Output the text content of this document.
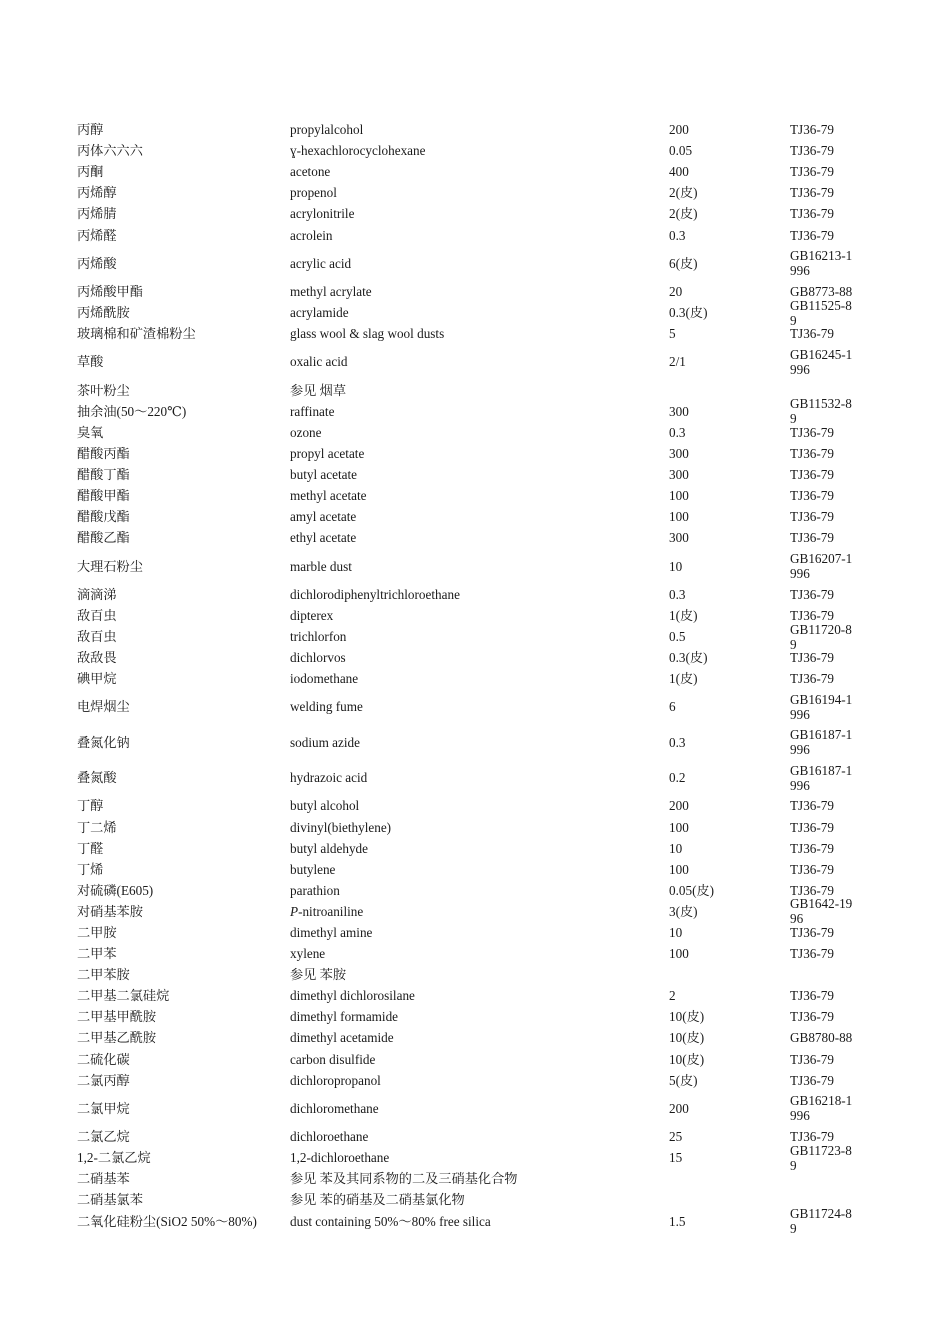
丙醇	propylalcohol	200	TJ36-79
丙体六六六	ɣ-hexachlorocyclohexane	0.05	TJ36-79
丙酮	acetone	400	TJ36-79
丙烯醇	propenol	2(皮)	TJ36-79
丙烯腈	acrylonitrile	2(皮)	TJ36-79
丙烯醛	acrolein	0.3	TJ36-79
丙烯酸	acrylic acid	6(皮)	GB16213-1996
丙烯酸甲酯	methyl acrylate	20	GB8773-88
丙烯酰胺	acrylamide	0.3(皮)	GB11525-89
玻璃棉和矿渣棉粉尘	glass wool & slag wool dusts	5	TJ36-79
草酸	oxalic acid	2/1	GB16245-1996
茶叶粉尘	参见 烟草
抽余油(50～220℃)	raffinate	300	GB11532-89
臭氧	ozone	0.3	TJ36-79
醋酸丙酯	propyl acetate	300	TJ36-79
醋酸丁酯	butyl acetate	300	TJ36-79
醋酸甲酯	methyl acetate	100	TJ36-79
醋酸戊酯	amyl acetate	100	TJ36-79
醋酸乙酯	ethyl acetate	300	TJ36-79
大理石粉尘	marble dust	10	GB16207-1996
滴滴涕	dichlorodiphenyltrichloroethane	0.3	TJ36-79
敌百虫	dipterex	1(皮)	TJ36-79
敌百虫	trichlorfon	0.5	GB11720-89
敌敌畏	dichlorvos	0.3(皮)	TJ36-79
碘甲烷	iodomethane	1(皮)	TJ36-79
电焊烟尘	welding fume	6	GB16194-1996
叠氮化钠	sodium azide	0.3	GB16187-1996
叠氮酸	hydrazoic acid	0.2	GB16187-1996
丁醇	butyl alcohol	200	TJ36-79
丁二烯	divinyl(biethylene)	100	TJ36-79
丁醛	butyl aldehyde	10	TJ36-79
丁烯	butylene	100	TJ36-79
对硫磷(E605)	parathion	0.05(皮)	TJ36-79
对硝基苯胺	P-nitroaniline	3(皮)	GB1642-1996
二甲胺	dimethyl amine	10	TJ36-79
二甲苯	xylene	100	TJ36-79
二甲苯胺	参见 苯胺
二甲基二氯硅烷	dimethyl dichlorosilane	2	TJ36-79
二甲基甲酰胺	dimethyl formamide	10(皮)	TJ36-79
二甲基乙酰胺	dimethyl acetamide	10(皮)	GB8780-88
二硫化碳	carbon disulfide	10(皮)	TJ36-79
二氯丙醇	dichloropropanol	5(皮)	TJ36-79
二氯甲烷	dichloromethane	200	GB16218-1996
二氯乙烷	dichloroethane	25	TJ36-79
1,2-二氯乙烷	1,2-dichloroethane	15	GB11723-89
二硝基苯	参见 苯及其同系物的二及三硝基化合物
二硝基氯苯	参见 苯的硝基及二硝基氯化物
二氧化硅粉尘(SiO2 50%～80%)	dust containing 50%～80% free silica	1.5	GB11724-89
